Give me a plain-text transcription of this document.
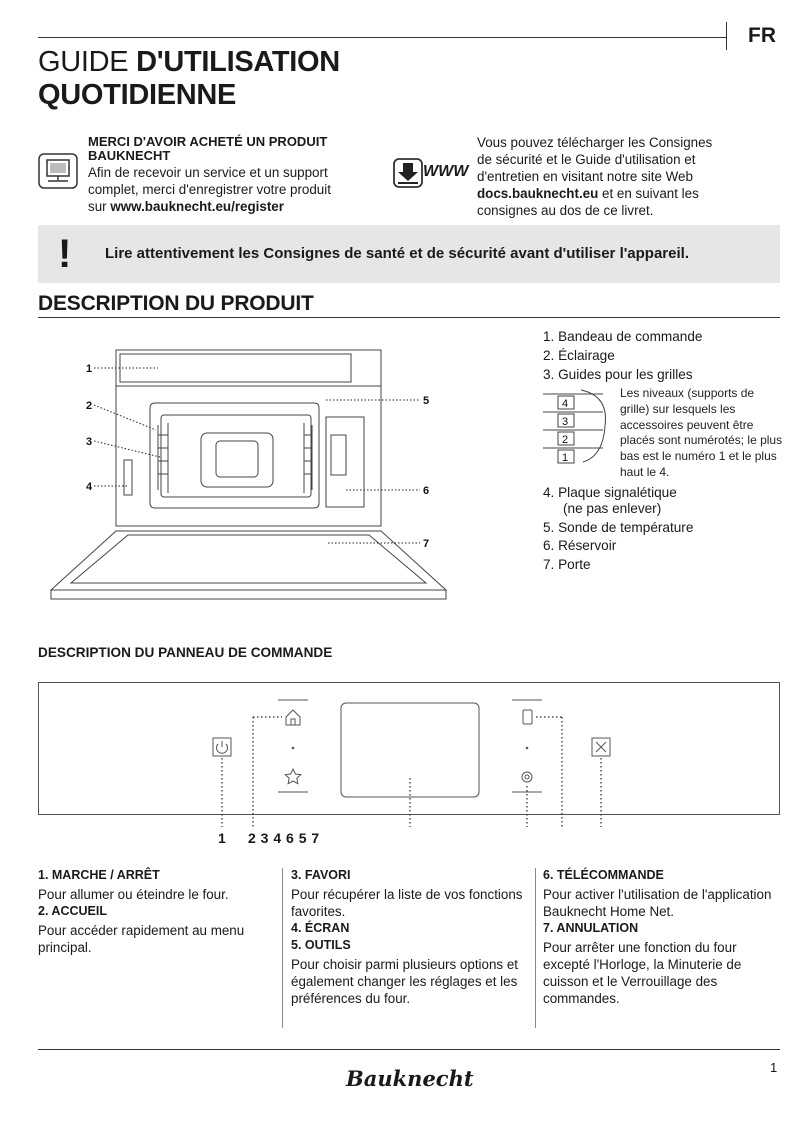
FR
GUIDE D'UTILISATION
QUOTIDIENNE
MERCI D'AVOIR ACHETÉ UN PRODUIT
BAUKNECHT
Afin de recevoir un service et un support
complet, merci d'enregistrer votre produit
sur www.bauknecht.eu/register
WWW
Vous pouvez télécharger les Consignes
de sécurité et le Guide d'utilisation et
d'entretien en visitant notre site Web
docs.bauknecht.eu et en suivant les
consignes au dos de ce livret.
! Lire attentivement les Consignes de santé et de sécurité avant d'utiliser l'appareil.
DESCRIPTION DU PRODUIT
1
2
3
4
5
6
7
1. Bandeau de commande
2. Éclairage
3. Guides pour les grilles
4
3
2
1
Les niveaux (supports de grille) sur lesquels les accessoires peuvent être placés sont numérotés; le plus bas est le numéro 1 et le plus haut le 4.
4. Plaque signalétique
(ne pas enlever)
5. Sonde de température
6. Réservoir
7. Porte
DESCRIPTION DU PANNEAU DE COMMANDE
1 2 3 4 6 5 7
1. MARCHE / ARRÊT
Pour allumer ou éteindre le four.
2. ACCUEIL
Pour accéder rapidement au menu principal.
3. FAVORI
Pour récupérer la liste de vos fonctions favorites.
4. ÉCRAN
5. OUTILS
Pour choisir parmi plusieurs options et également changer les réglages et les préférences du four.
6. TÉLÉCOMMANDE
Pour activer l'utilisation de l'application Bauknecht Home Net.
7. ANNULATION
Pour arrêter une fonction du four excepté l'Horloge, la Minuterie de cuisson et le Verrouillage des commandes.
1
Bauknecht
